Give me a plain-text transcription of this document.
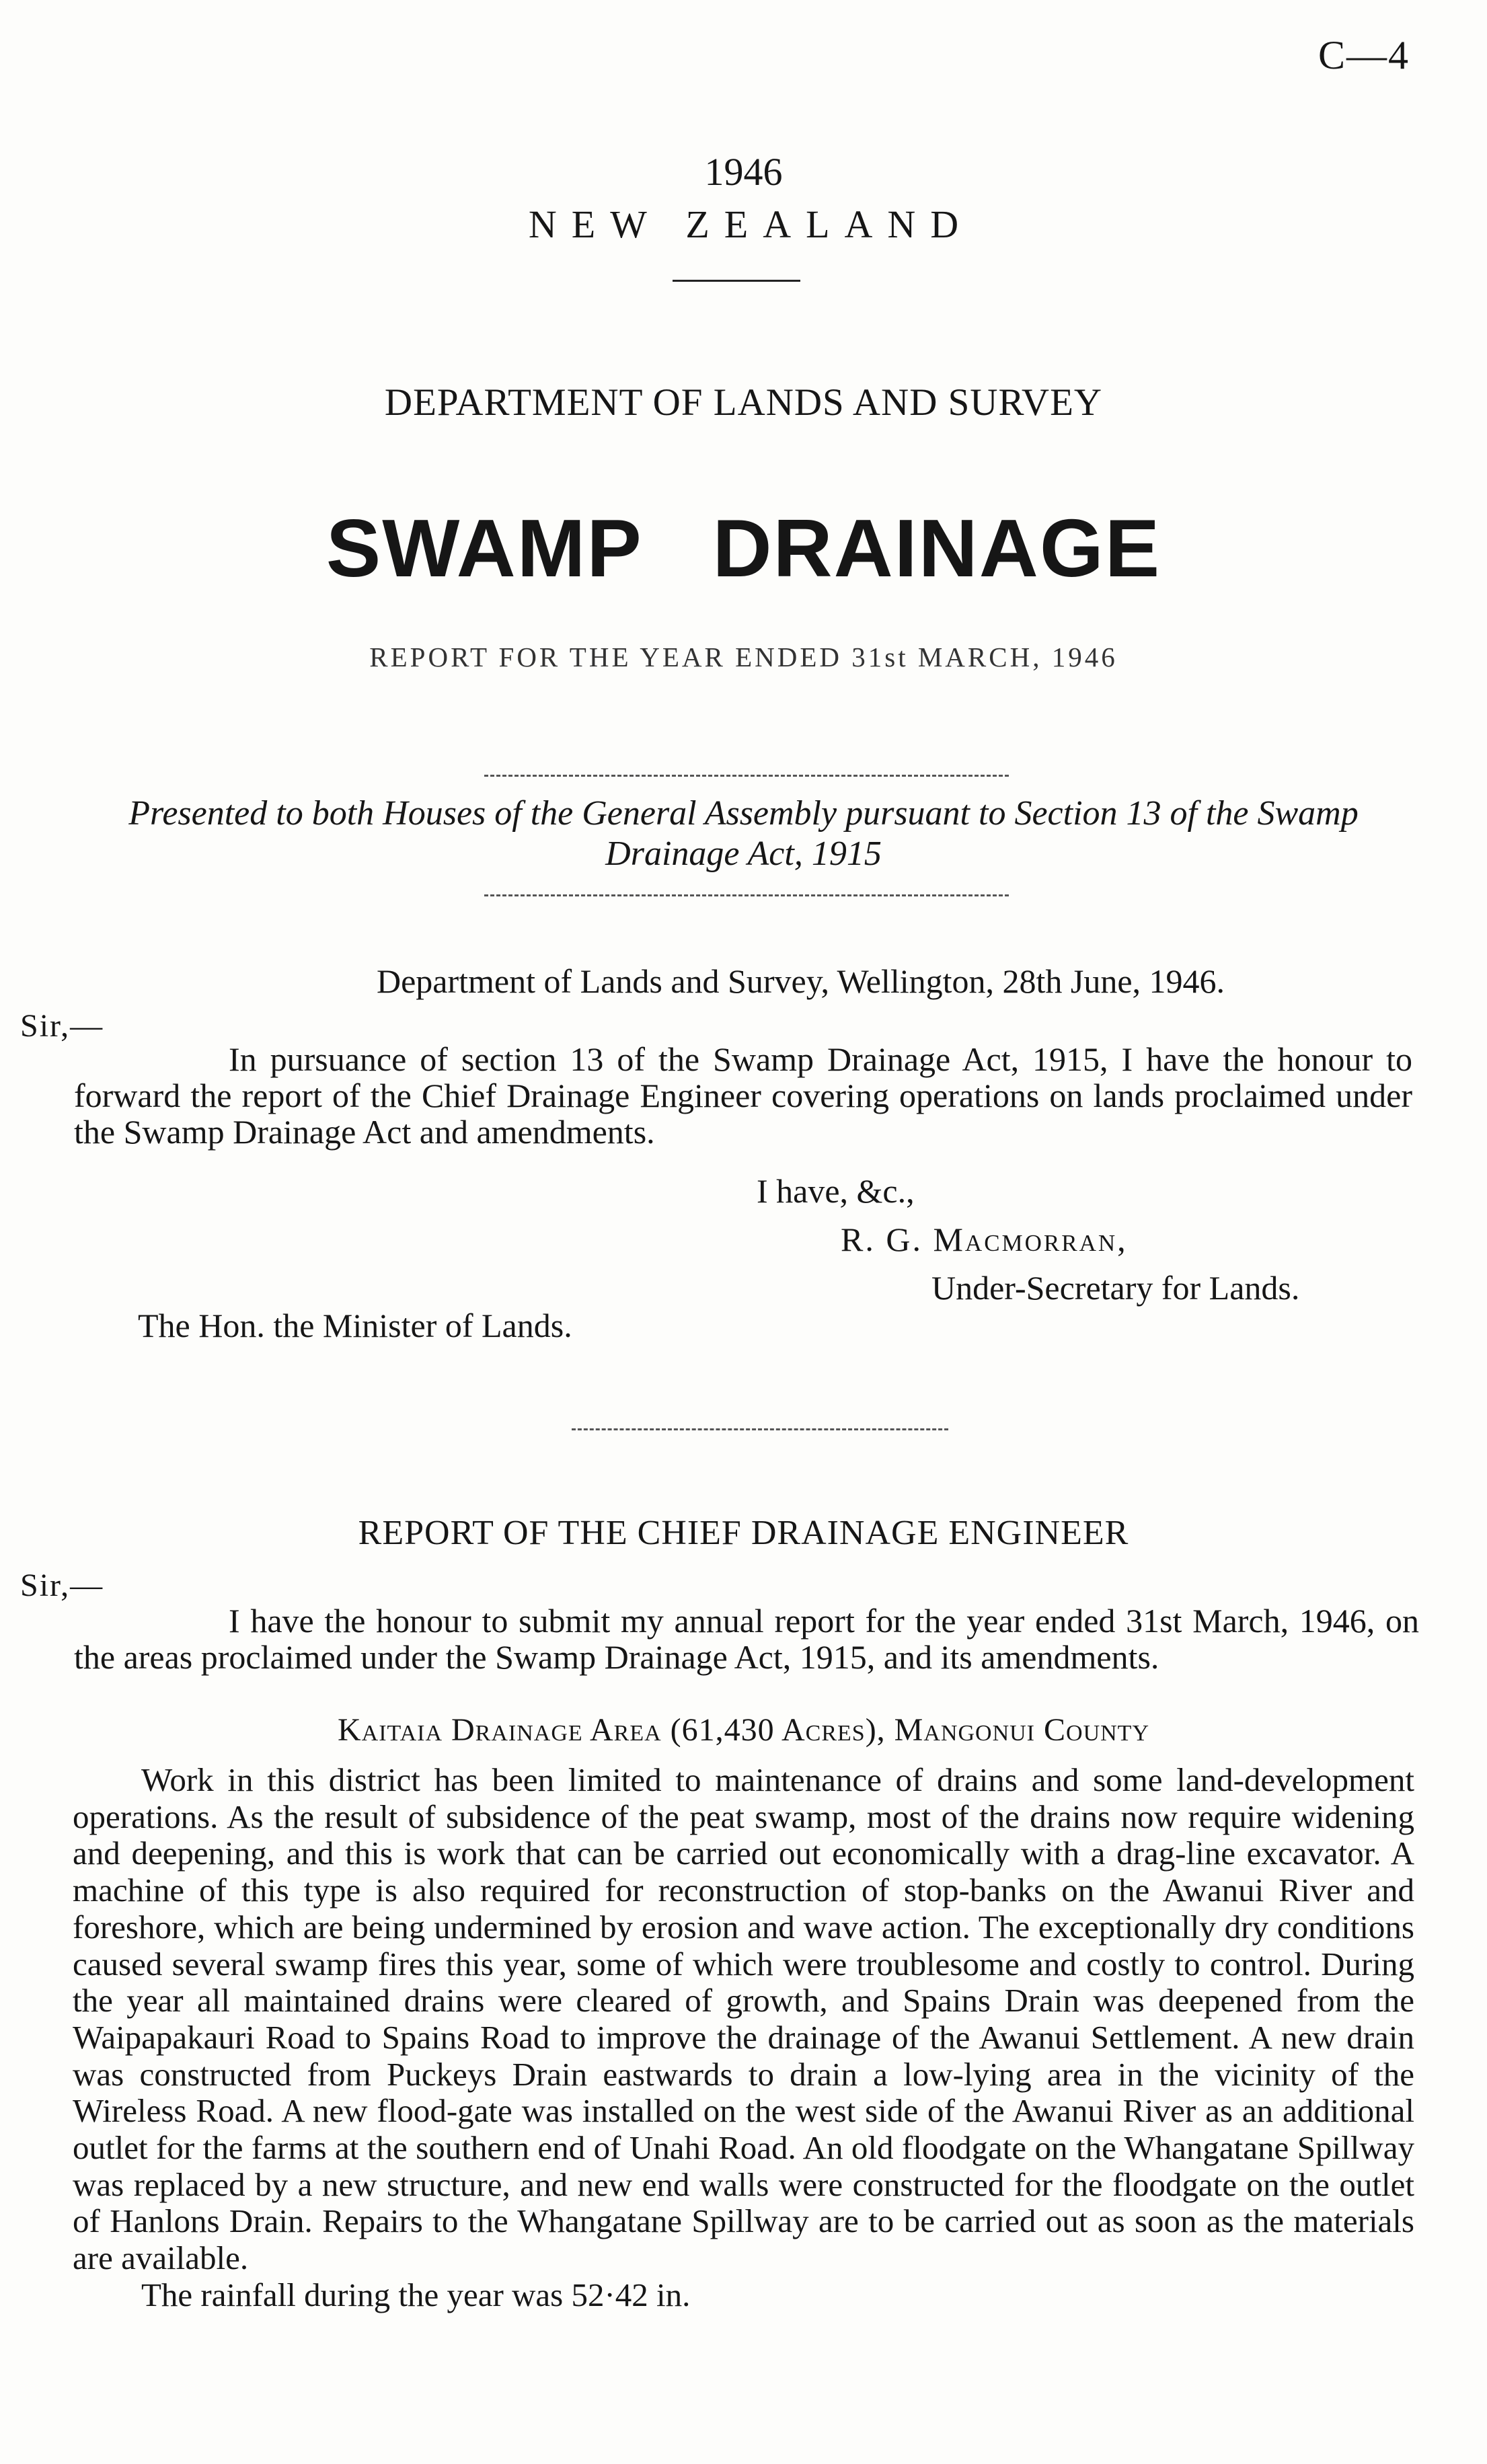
C—4
1946
NEW ZEALAND
DEPARTMENT OF LANDS AND SURVEY
SWAMP DRAINAGE
REPORT FOR THE YEAR ENDED 31st MARCH, 1946
Presented to both Houses of the General Assembly pursuant to Section 13 of the Swamp Drainage Act, 1915
Department of Lands and Survey, Wellington, 28th June, 1946.
Sir,—

In pursuance of section 13 of the Swamp Drainage Act, 1915, I have the honour to forward the report of the Chief Drainage Engineer covering operations on lands proclaimed under the Swamp Drainage Act and amendments.

I have, &c.,
R. G. Macmorran,
Under-Secretary for Lands.
The Hon. the Minister of Lands.
REPORT OF THE CHIEF DRAINAGE ENGINEER
Sir,—

I have the honour to submit my annual report for the year ended 31st March, 1946, on the areas proclaimed under the Swamp Drainage Act, 1915, and its amendments.

Kaitaia Drainage Area (61,430 Acres), Mangonui County

Work in this district has been limited to maintenance of drains and some land-development operations. As the result of subsidence of the peat swamp, most of the drains now require widening and deepening, and this is work that can be carried out economically with a drag-line excavator. A machine of this type is also required for reconstruction of stop-banks on the Awanui River and foreshore, which are being undermined by erosion and wave action. The exceptionally dry conditions caused several swamp fires this year, some of which were troublesome and costly to control. During the year all maintained drains were cleared of growth, and Spains Drain was deepened from the Waipapakauri Road to Spains Road to improve the drainage of the Awanui Settlement. A new drain was constructed from Puckeys Drain eastwards to drain a low-lying area in the vicinity of the Wireless Road. A new flood-gate was installed on the west side of the Awanui River as an additional outlet for the farms at the southern end of Unahi Road. An old floodgate on the Whangatane Spillway was replaced by a new structure, and new end walls were constructed for the floodgate on the outlet of Hanlons Drain. Repairs to the Whangatane Spillway are to be carried out as soon as the materials are available.

The rainfall during the year was 52·42 in.
